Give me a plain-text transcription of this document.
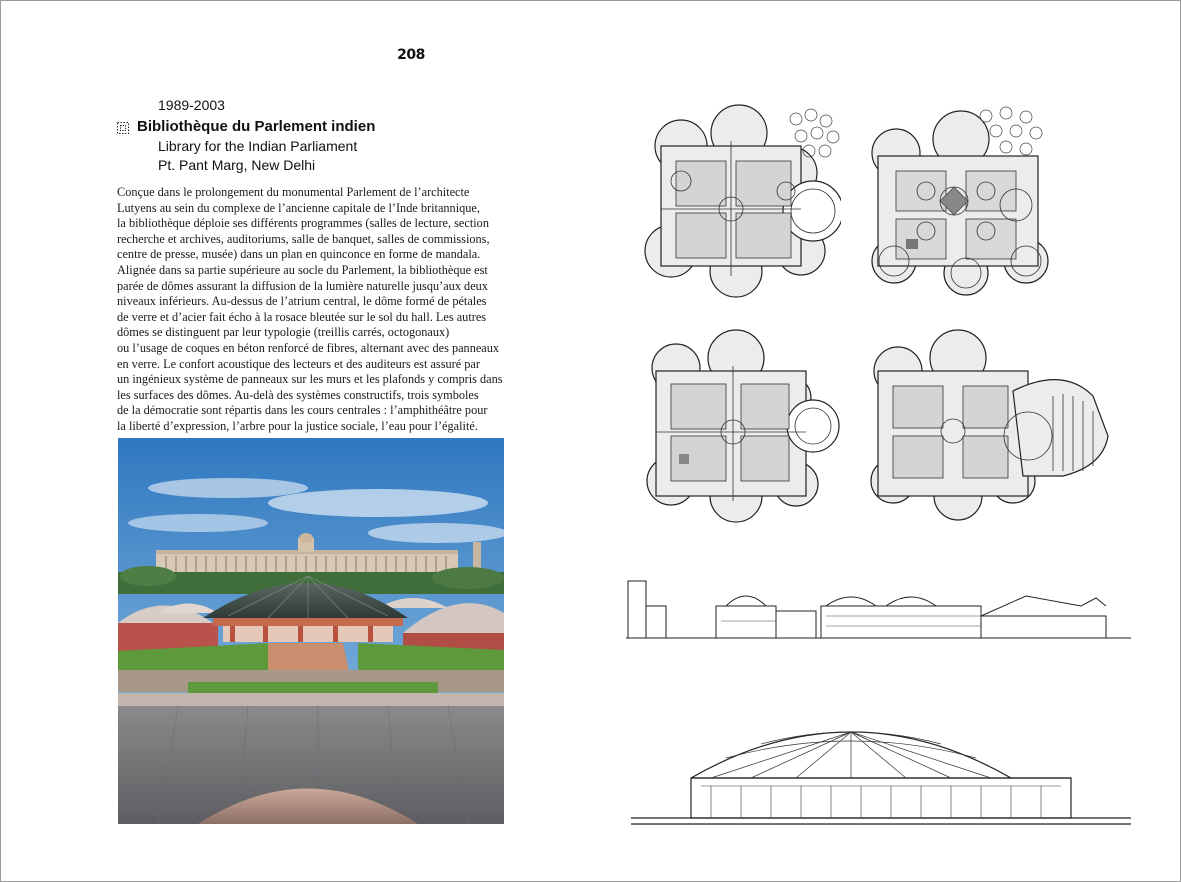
208
1989-2003
Bibliothèque du Parlement indien
Library for the Indian Parliament
Pt. Pant Marg, New Delhi
Conçue dans le prolongement du monumental Parlement de l’architecte
Lutyens au sein du complexe de l’ancienne capitale de l’Inde britannique,
la bibliothèque déploie ses différents programmes (salles de lecture, section
recherche et archives, auditoriums, salle de banquet, salles de commissions,
centre de presse, musée) dans un plan en quinconce en forme de mandala.
Alignée dans sa partie supérieure au socle du Parlement, la bibliothèque est
parée de dômes assurant la diffusion de la lumière naturelle jusqu’aux deux
niveaux inférieurs. Au-dessus de l’atrium central, le dôme formé de pétales
de verre et d’acier fait écho à la rosace bleutée sur le sol du hall. Les autres
dômes se distinguent par leur typologie (treillis carrés, octogonaux)
ou l’usage de coques en béton renforcé de fibres, alternant avec des panneaux
en verre. Le confort acoustique des lecteurs et des auditeurs est assuré par
un ingénieux système de panneaux sur les murs et les plafonds y compris dans
les surfaces des dômes. Au-delà des systèmes constructifs, trois symboles
de la démocratie sont répartis dans les cours centrales : l’amphithéâtre pour
la liberté d’expression, l’arbre pour la justice sociale, l’eau pour l’égalité.
